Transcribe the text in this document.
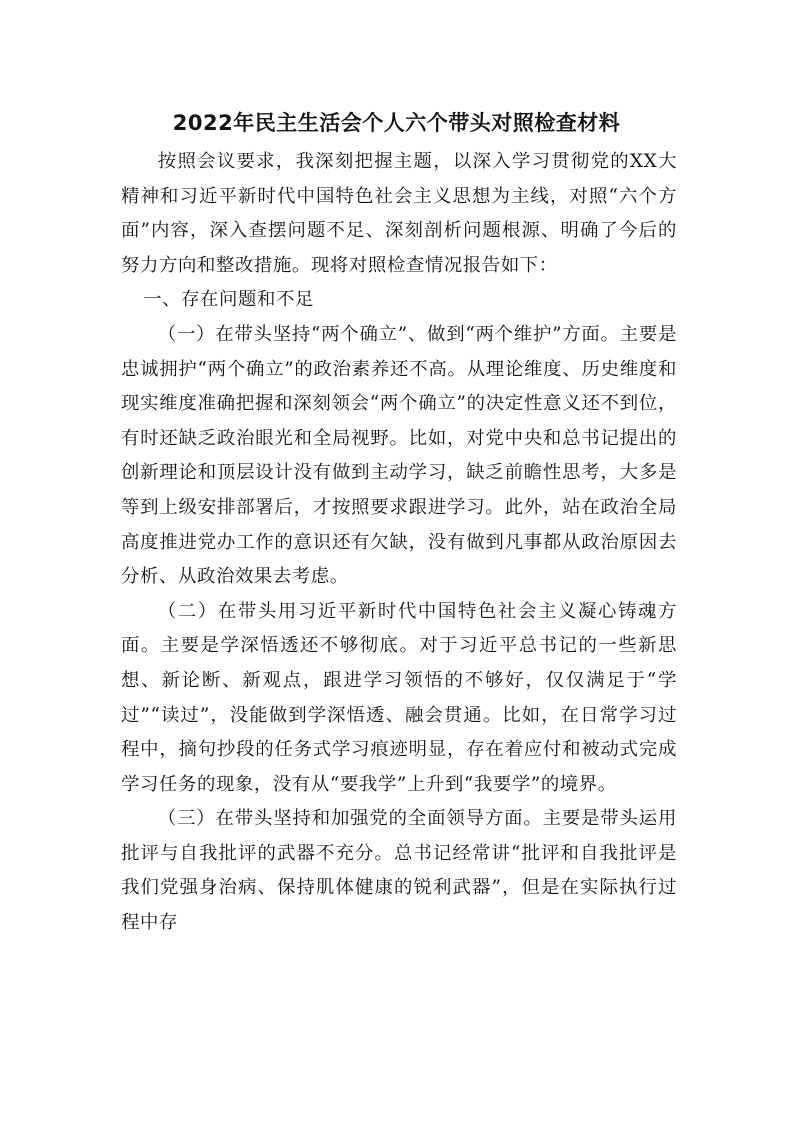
2022年民主生活会个人六个带头对照检查材料

按照会议要求，我深刻把握主题，以深入学习贯彻党的XX大精神和习近平新时代中国特色社会主义思想为主线，对照“六个方面”内容，深入查摆问题不足、深刻剖析问题根源、明确了今后的努力方向和整改措施。现将对照检查情况报告如下：

一、存在问题和不足

（一）在带头坚持“两个确立”、做到“两个维护”方面。主要是忠诚拥护“两个确立”的政治素养还不高。从理论维度、历史维度和现实维度准确把握和深刻领会“两个确立”的决定性意义还不到位，有时还缺乏政治眼光和全局视野。比如，对党中央和总书记提出的创新理论和顶层设计没有做到主动学习，缺乏前瞻性思考，大多是等到上级安排部署后，才按照要求跟进学习。此外，站在政治全局高度推进党办工作的意识还有欠缺，没有做到凡事都从政治原因去分析、从政治效果去考虑。

（二）在带头用习近平新时代中国特色社会主义凝心铸魂方面。主要是学深悟透还不够彻底。对于习近平总书记的一些新思想、新论断、新观点，跟进学习领悟的不够好，仅仅满足于“学过”“读过”，没能做到学深悟透、融会贯通。比如，在日常学习过程中，摘句抄段的任务式学习痕迹明显，存在着应付和被动式完成学习任务的现象，没有从“要我学”上升到“我要学”的境界。

（三）在带头坚持和加强党的全面领导方面。主要是带头运用批评与自我批评的武器不充分。总书记经常讲“批评和自我批评是我们党强身治病、保持肌体健康的锐利武器”，但是在实际执行过程中存
